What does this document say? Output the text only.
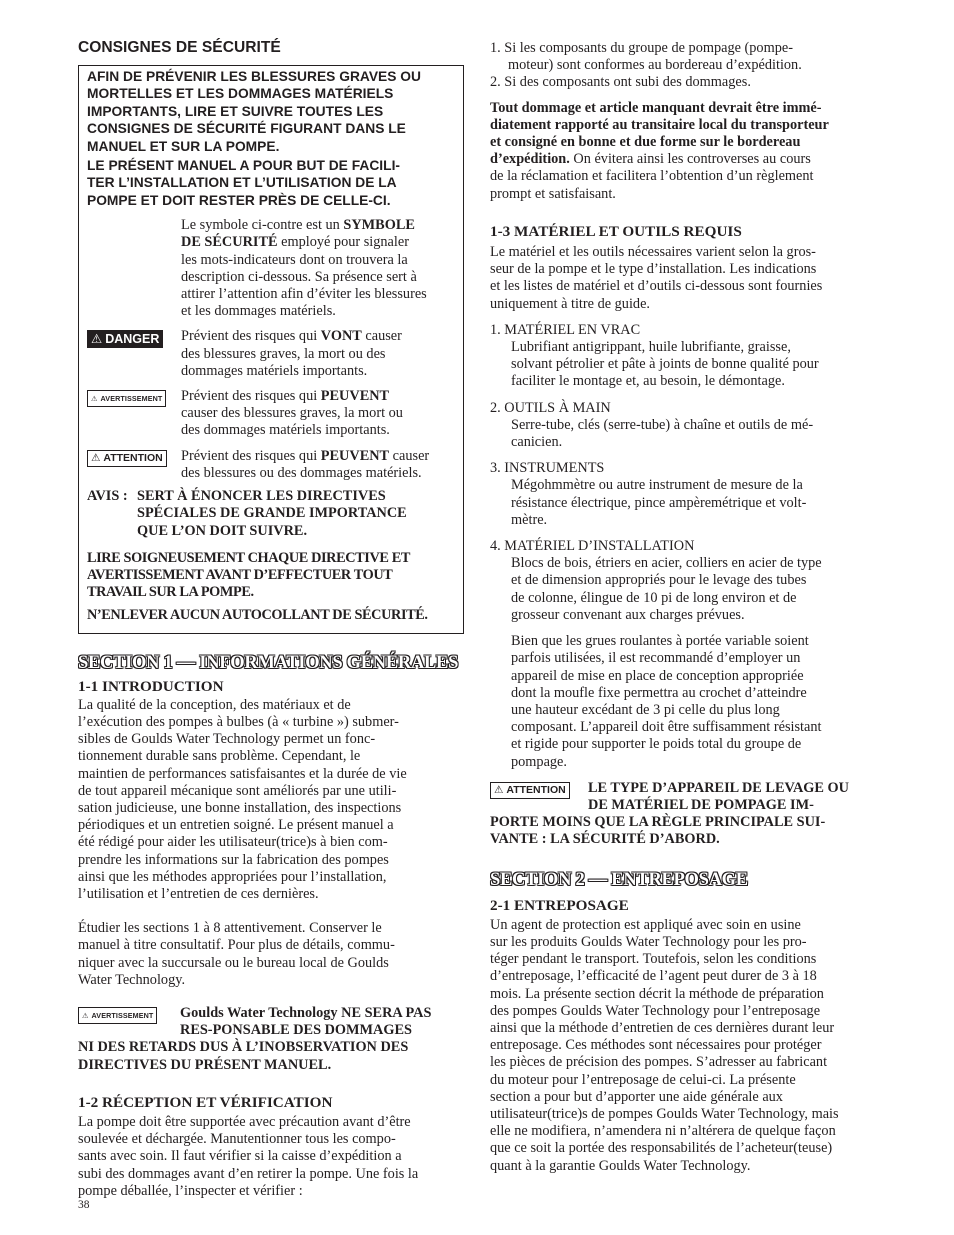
CONSIGNES DE SÉCURITÉ
AFIN DE PRÉVENIR LES BLESSURES GRAVES OU
MORTELLES ET LES DOMMAGES MATÉRIELS
IMPORTANTS, LIRE ET SUIVRE TOUTES LES
CONSIGNES DE SÉCURITÉ FIGURANT DANS LE
MANUEL ET SUR LA POMPE.
LE PRÉSENT MANUEL A POUR BUT DE FACILI-
TER L’INSTALLATION ET L’UTILISATION DE LA
POMPE ET DOIT RESTER PRÈS DE CELLE-CI.
Le symbole ci-contre est un SYMBOLE
DE SÉCURITÉ employé pour signaler
les mots-indicateurs dont on trouvera la
description ci-dessous. Sa présence sert à
attirer l’attention afin d’éviter les blessures
et les dommages matériels.
⚠ DANGER Prévient des risques qui VONT causer
des blessures graves, la mort ou des
dommages matériels importants.
⚠ AVERTISSEMENT Prévient des risques qui PEUVENT
causer des blessures graves, la mort ou
des dommages matériels importants.
⚠ ATTENTION Prévient des risques qui PEUVENT causer
des blessures ou des dommages matériels.
AVIS : SERT À ÉNONCER LES DIRECTIVES
SPÉCIALES DE GRANDE IMPORTANCE
QUE L’ON DOIT SUIVRE.
LIRE SOIGNEUSEMENT CHAQUE DIRECTIVE ET
AVERTISSEMENT AVANT D’EFFECTUER TOUT
TRAVAIL SUR LA POMPE.
N’ENLEVER AUCUN AUTOCOLLANT DE SÉCURITÉ.
SECTION 1 — INFORMATIONS GÉNÉRALES
1-1 INTRODUCTION

La qualité de la conception, des matériaux et de
l’exécution des pompes à bulbes (à « turbine ») submer-
sibles de Goulds Water Technology permet un fonc-
tionnement durable sans problème. Cependant, le
maintien de performances satisfaisantes et la durée de vie
de tout appareil mécanique sont améliorés par une utili-
sation judicieuse, une bonne installation, des inspections
périodiques et un entretien soigné. Le présent manuel a
été rédigé pour aider les utilisateur(trice)s à bien com-
prendre les informations sur la fabrication des pompes
ainsi que les méthodes appropriées pour l’installation,
l’utilisation et l’entretien de ces dernières.

Étudier les sections 1 à 8 attentivement. Conserver le
manuel à titre consultatif. Pour plus de détails, commu-
niquer avec la succursale ou le bureau local de Goulds
Water Technology.

⚠ AVERTISSEMENT Goulds Water Technology NE SERA PAS
RES-PONSABLE DES DOMMAGES
NI DES RETARDS DUS À L’INOBSERVATION DES
DIRECTIVES DU PRÉSENT MANUEL.
1-2 RÉCEPTION ET VÉRIFICATION

La pompe doit être supportée avec précaution avant d’être
soulevée et déchargée. Manutentionner tous les compo-
sants avec soin. Il faut vérifier si la caisse d’expédition a
subi des dommages avant d’en retirer la pompe. Une fois la
pompe déballée, l’inspecter et vérifier :

1. Si les composants du groupe de pompage (pompe-
moteur) sont conformes au bordereau d’expédition.
2. Si des composants ont subi des dommages.

Tout dommage et article manquant devrait être immé-
diatement rapporté au transitaire local du transporteur
et consigné en bonne et due forme sur le bordereau
d’expédition. On évitera ainsi les controverses au cours
de la réclamation et facilitera l’obtention d’un règlement
prompt et satisfaisant.

1-3 MATÉRIEL ET OUTILS REQUIS

Le matériel et les outils nécessaires varient selon la gros-
seur de la pompe et le type d’installation. Les indications
et les listes de matériel et d’outils ci-dessous sont fournies
uniquement à titre de guide.

1. MATÉRIEL EN VRAC
Lubrifiant antigrippant, huile lubrifiante, graisse,
solvant pétrolier et pâte à joints de bonne qualité pour
faciliter le montage et, au besoin, le démontage.
2. OUTILS À MAIN
Serre-tube, clés (serre-tube) à chaîne et outils de mé-
canicien.
3. INSTRUMENTS
Mégohmmètre ou autre instrument de mesure de la
résistance électrique, pince ampèremétrique et volt-
mètre.
4. MATÉRIEL D’INSTALLATION
Blocs de bois, étriers en acier, colliers en acier de type
et de dimension appropriés pour le levage des tubes
de colonne, élingue de 10 pi de long environ et de
grosseur convenant aux charges prévues.

Bien que les grues roulantes à portée variable soient
parfois utilisées, il est recommandé d’employer un
appareil de mise en place de conception appropriée
dont la moufle fixe permettra au crochet d’atteindre
une hauteur excédant de 3 pi celle du plus long
composant. L’appareil doit être suffisamment résistant
et rigide pour supporter le poids total du groupe de
pompage.

⚠ ATTENTION LE TYPE D’APPAREIL DE LEVAGE OU
DE MATÉRIEL DE POMPAGE IM-
PORTE MOINS QUE LA RÈGLE PRINCIPALE SUI-
VANTE : LA SÉCURITÉ D’ABORD.
SECTION 2 — ENTREPOSAGE
2-1 ENTREPOSAGE

Un agent de protection est appliqué avec soin en usine
sur les produits Goulds Water Technology pour les pro-
téger pendant le transport. Toutefois, selon les conditions
d’entreposage, l’efficacité de l’agent peut durer de 3 à 18
mois. La présente section décrit la méthode de préparation
des pompes Goulds Water Technology pour l’entreposage
ainsi que la méthode d’entretien de ces dernières durant leur
entreposage. Ces méthodes sont nécessaires pour protéger
les pièces de précision des pompes. S’adresser au fabricant
du moteur pour l’entreposage de celui-ci. La présente
section a pour but d’apporter une aide générale aux
utilisateur(trice)s de pompes Goulds Water Technology, mais
elle ne modifiera, n’amendera ni n’altérera de quelque façon
que ce soit la portée des responsabilités de l’acheteur(teuse)
quant à la garantie Goulds Water Technology.

38
